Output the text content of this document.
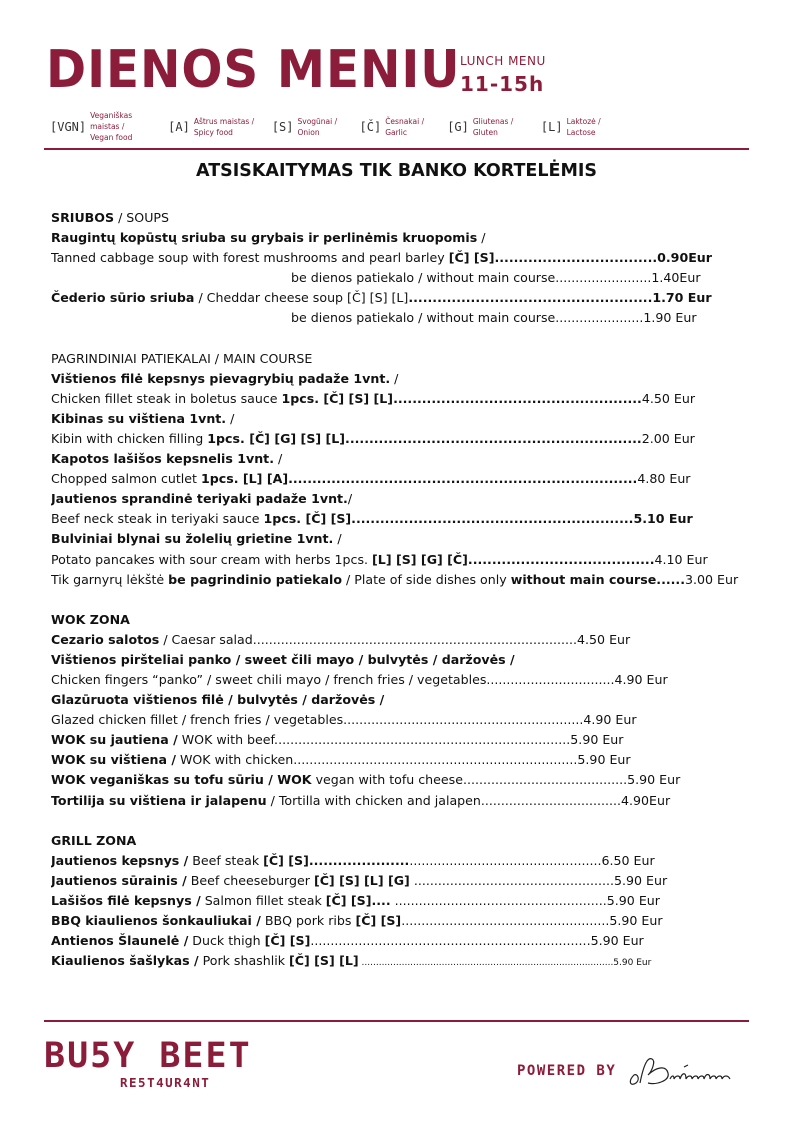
DIENOS MENIU LUNCH MENU
11-15h
[VGN]
Veganiškas maistas /
Vegan food
[A] Aštrus maistas /
Spicy food	[S] Svogūnai /
Onion	[Č] Česnakai /
Garlic	[G] Gliutenas /
Gluten	[L] Laktozė /
Lactose
ATSISKAITYMAS TIK BANKO KORTELĖMIS
SRIUBOS / SOUPS
Raugintų kopūstų sriuba su grybais ir perlinėmis kruopomis /
Tanned cabbage soup with forest mushrooms and pearl barley [Č] [S]..................................0.90Eur
be dienos patiekalo / without main course........................1.40Eur
Čederio sūrio sriuba / Cheddar cheese soup [Č] [S] [L]...................................................1.70 Eur
be dienos patiekalo / without main course......................1.90 Eur
PAGRINDINIAI PATIEKALAI / MAIN COURSE
Vištienos filė kepsnys pievagrybių padaže 1vnt. /
Chicken fillet steak in boletus sauce 1pcs. [Č] [S] [L]....................................................4.50 Eur
Kibinas su vištiena 1vnt. /
Kibin with chicken filling 1pcs. [Č] [G] [S] [L]..............................................................2.00 Eur
Kapotos lašišos kepsnelis 1vnt. /
Chopped salmon cutlet 1pcs. [L] [A].........................................................................4.80 Eur
Jautienos sprandinė teriyaki padaže 1vnt./
Beef neck steak in teriyaki sauce 1pcs. [Č] [S]...........................................................5.10 Eur
Bulviniai blynai su žolelių grietine 1vnt. /
Potato pancakes with sour cream with herbs 1pcs. [L] [S] [G] [Č].......................................4.10 Eur
Tik garnyrų lėkštė be pagrindinio patiekalo / Plate of side dishes only without main course......3.00 Eur
WOK ZONA
Cezario salotos / Caesar salad.................................................................................4.50 Eur
Vištienos piršteliai panko / sweet čili mayo / bulvytės / daržovės /
Chicken fingers “panko” / sweet chili mayo / french fries / vegetables................................4.90 Eur
Glazūruota vištienos filė / bulvytės / daržovės /
Glazed chicken fillet / french fries / vegetables............................................................4.90 Eur
WOK su jautiena / WOK with beef..........................................................................5.90 Eur
WOK su vištiena / WOK with chicken.......................................................................5.90 Eur
WOK veganiškas su tofu sūriu / WOK vegan with tofu cheese.........................................5.90 Eur
Tortilija su vištiena ir jalapenu / Tortilla with chicken and jalapen...................................4.90Eur
GRILL ZONA
Jautienos kepsnys / Beef steak [Č] [S].....................................................................6.50 Eur
Jautienos sūrainis / Beef cheeseburger [Č] [S] [L] [G] ..................................................5.90 Eur
Lašišos filė kepsnys / Salmon fillet steak [Č] [S].... .....................................................5.90 Eur
BBQ kiaulienos šonkauliukai / BBQ pork ribs [Č] [S]....................................................5.90 Eur
Antienos Šlaunelė / Duck thigh [Č] [S]......................................................................5.90 Eur
Kiaulienos šašlykas / Pork shashlik [Č] [S] [L] ........................................................................................5.90 Eur
BU5Y BEET
RE5T4UR4NT
POWERED BY
